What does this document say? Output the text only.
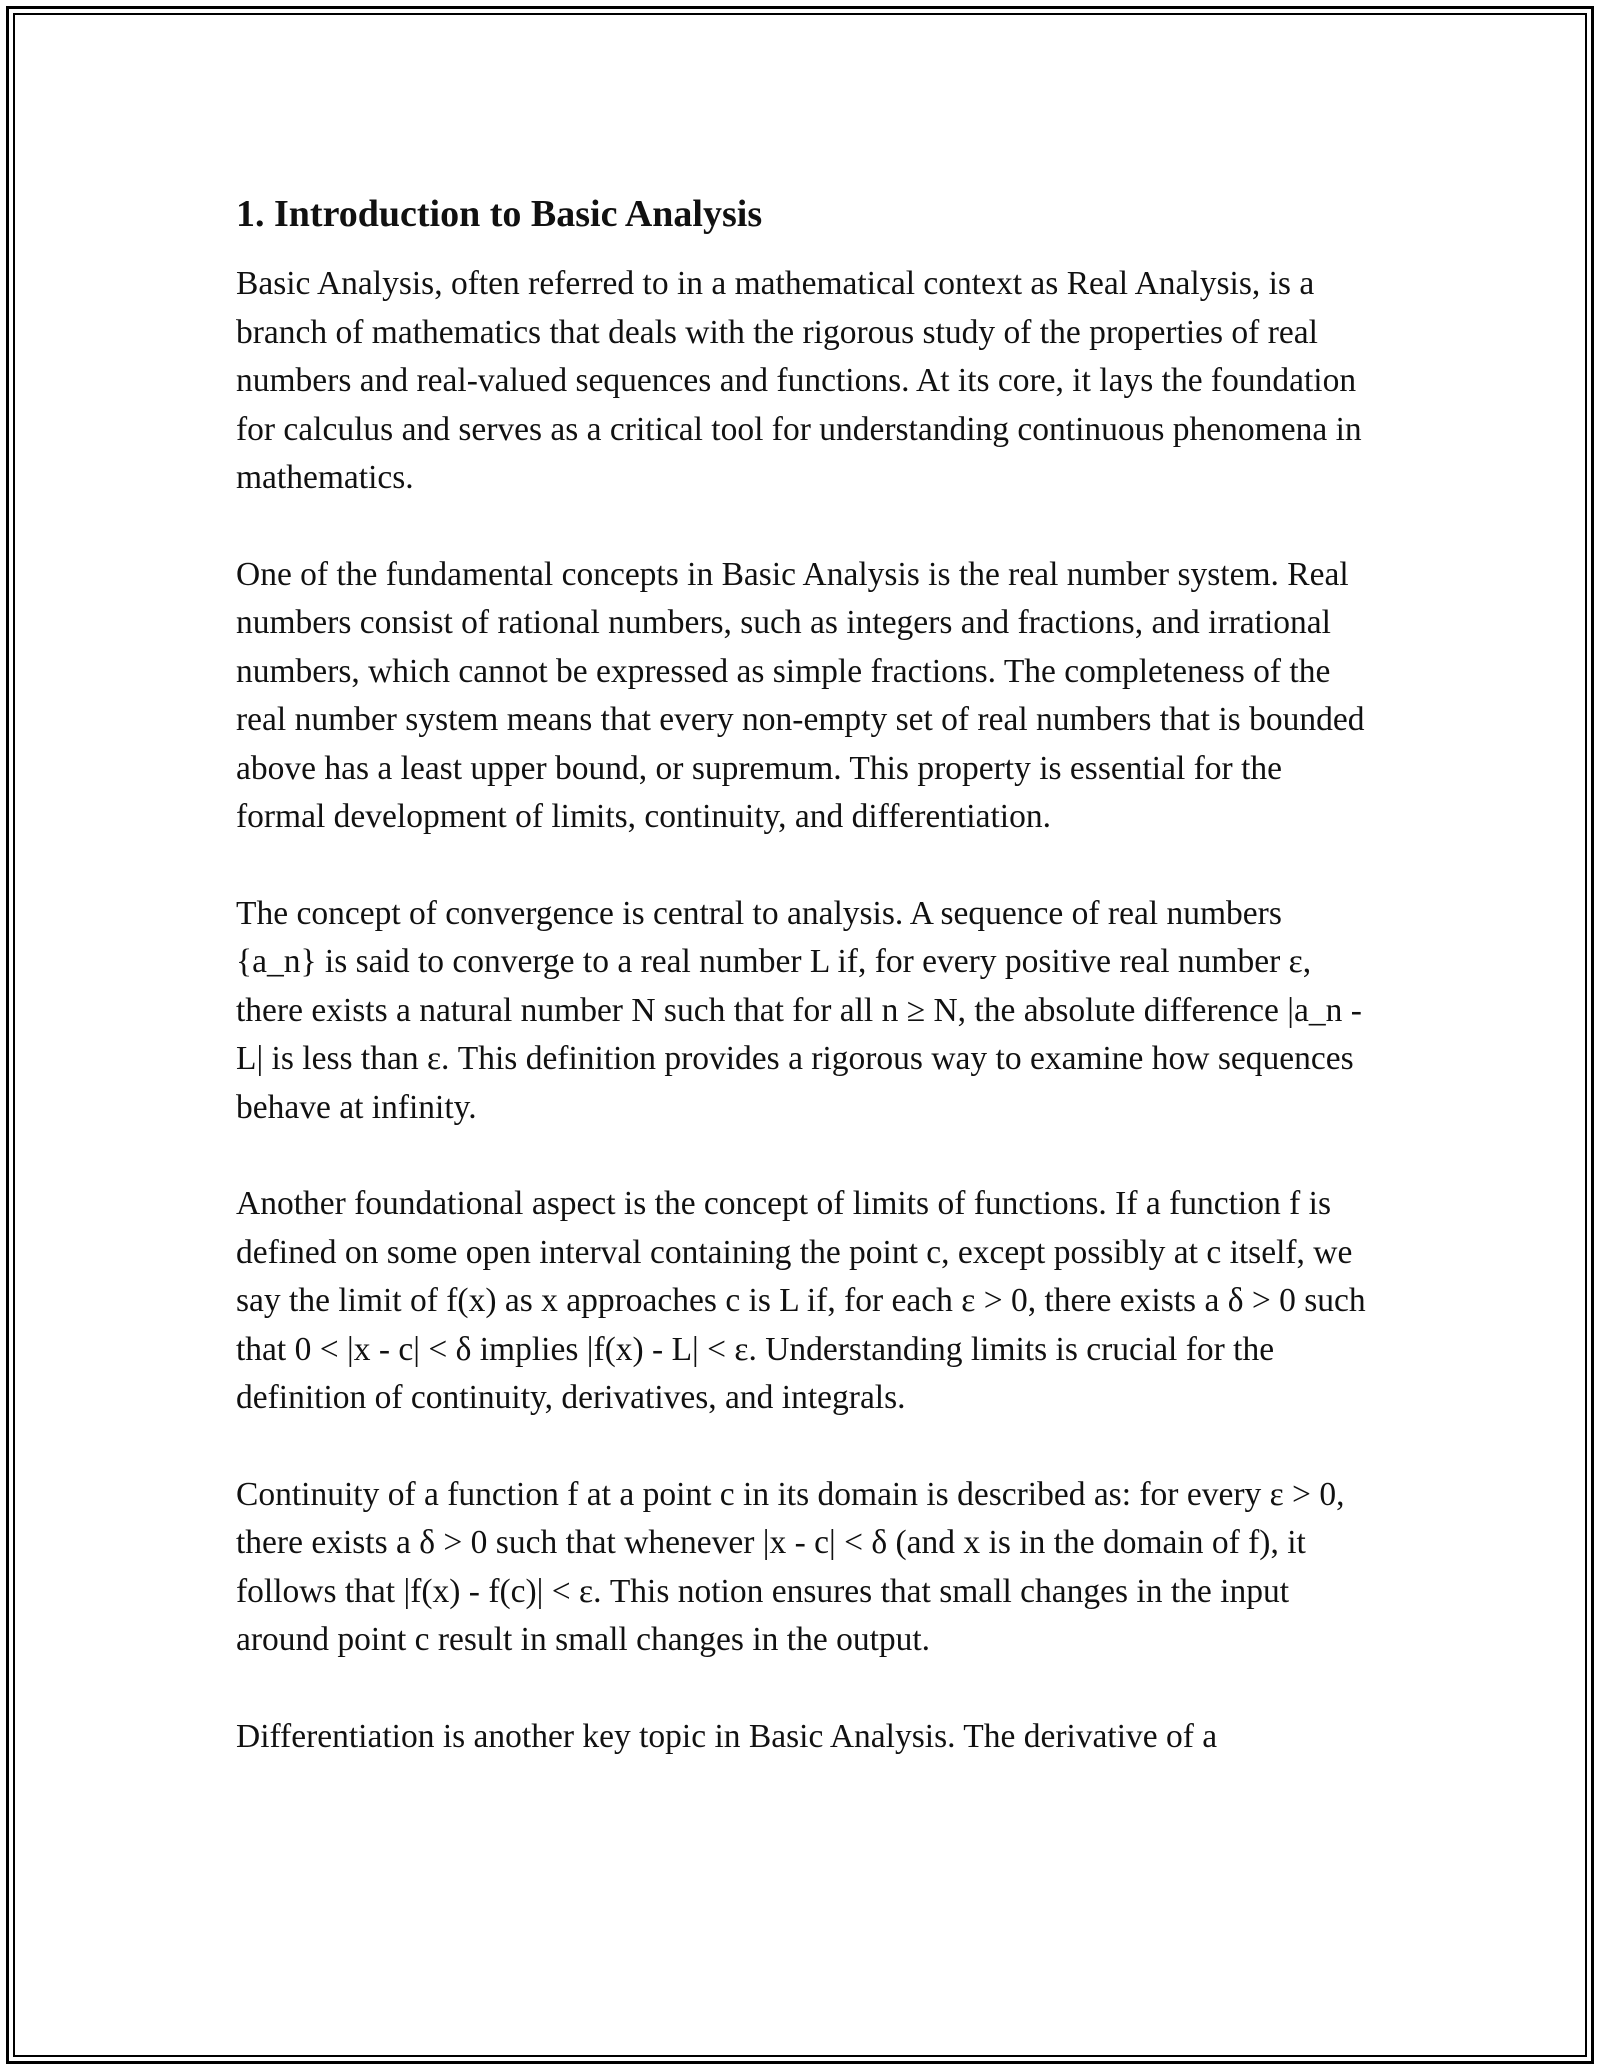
1. Introduction to Basic Analysis

Basic Analysis, often referred to in a mathematical context as Real Analysis, is a branch of mathematics that deals with the rigorous study of the properties of real numbers and real-valued sequences and functions. At its core, it lays the foundation for calculus and serves as a critical tool for understanding continuous phenomena in mathematics.

One of the fundamental concepts in Basic Analysis is the real number system. Real numbers consist of rational numbers, such as integers and fractions, and irrational numbers, which cannot be expressed as simple fractions. The completeness of the real number system means that every non-empty set of real numbers that is bounded above has a least upper bound, or supremum. This property is essential for the formal development of limits, continuity, and differentiation.

The concept of convergence is central to analysis. A sequence of real numbers {a_n} is said to converge to a real number L if, for every positive real number ε, there exists a natural number N such that for all n ≥ N, the absolute difference |a_n - L| is less than ε. This definition provides a rigorous way to examine how sequences behave at infinity.

Another foundational aspect is the concept of limits of functions. If a function f is defined on some open interval containing the point c, except possibly at c itself, we say the limit of f(x) as x approaches c is L if, for each ε > 0, there exists a δ > 0 such that 0 < |x - c| < δ implies |f(x) - L| < ε. Understanding limits is crucial for the definition of continuity, derivatives, and integrals.

Continuity of a function f at a point c in its domain is described as: for every ε > 0, there exists a δ > 0 such that whenever |x - c| < δ (and x is in the domain of f), it follows that |f(x) - f(c)| < ε. This notion ensures that small changes in the input around point c result in small changes in the output.

Differentiation is another key topic in Basic Analysis. The derivative of a
